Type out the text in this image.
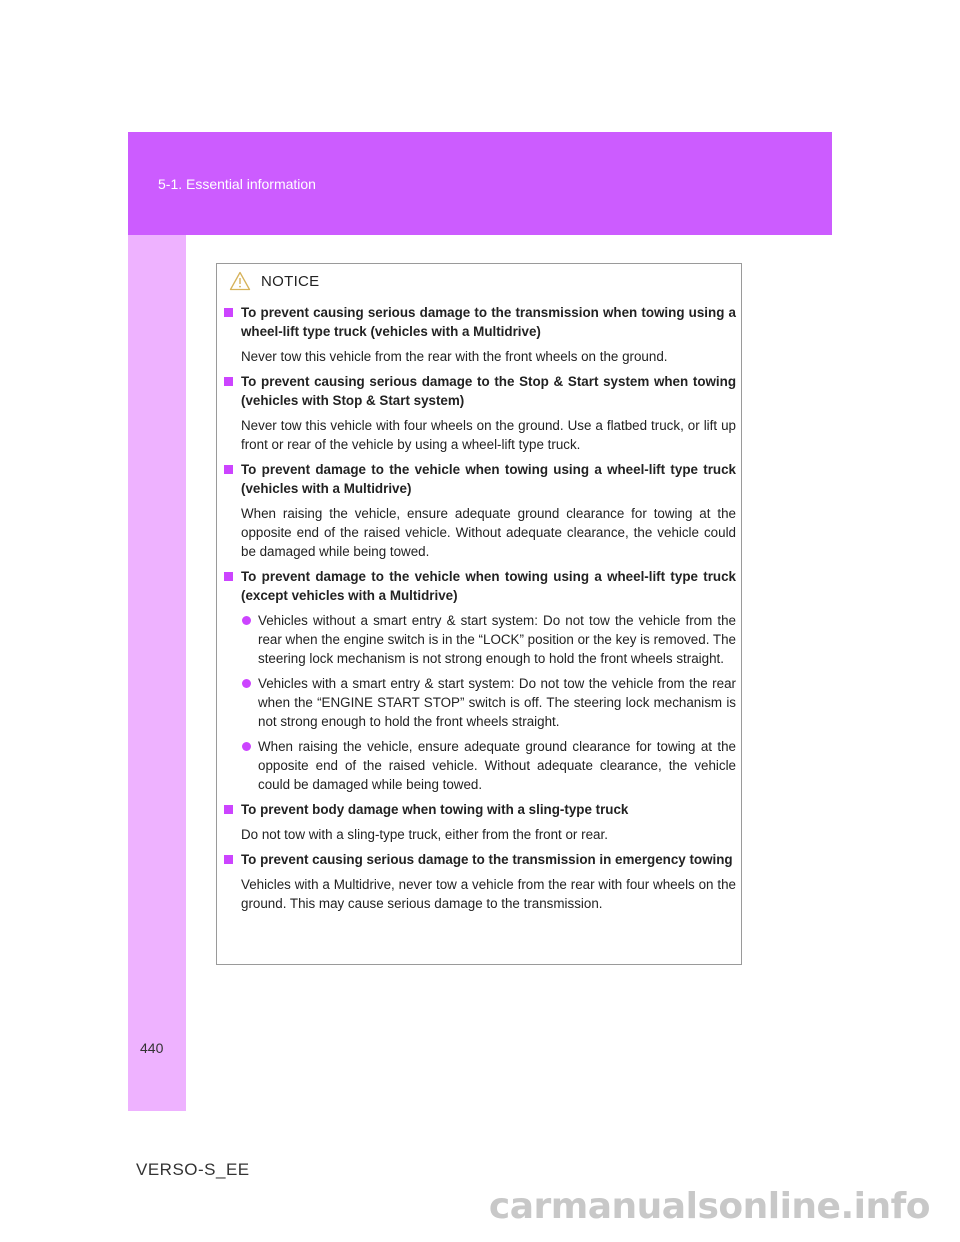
5-1. Essential information
NOTICE
To prevent causing serious damage to the transmission when towing using a wheel-lift type truck (vehicles with a Multidrive)
Never tow this vehicle from the rear with the front wheels on the ground.
To prevent causing serious damage to the Stop & Start system when towing (vehicles with Stop & Start system)
Never tow this vehicle with four wheels on the ground. Use a flatbed truck, or lift up front or rear of the vehicle by using a wheel-lift type truck.
To prevent damage to the vehicle when towing using a wheel-lift type truck (vehicles with a Multidrive)
When raising the vehicle, ensure adequate ground clearance for towing at the opposite end of the raised vehicle. Without adequate clearance, the vehicle could be damaged while being towed.
To prevent damage to the vehicle when towing using a wheel-lift type truck (except vehicles with a Multidrive)
Vehicles without a smart entry & start system: Do not tow the vehicle from the rear when the engine switch is in the “LOCK” position or the key is removed. The steering lock mechanism is not strong enough to hold the front wheels straight.
Vehicles with a smart entry & start system: Do not tow the vehicle from the rear when the “ENGINE START STOP” switch is off. The steering lock mechanism is not strong enough to hold the front wheels straight.
When raising the vehicle, ensure adequate ground clearance for towing at the opposite end of the raised vehicle. Without adequate clearance, the vehicle could be damaged while being towed.
To prevent body damage when towing with a sling-type truck
Do not tow with a sling-type truck, either from the front or rear.
To prevent causing serious damage to the transmission in emergency towing
Vehicles with a Multidrive, never tow a vehicle from the rear with four wheels on the ground. This may cause serious damage to the transmission.
440
VERSO-S_EE
carmanualsonline.info
